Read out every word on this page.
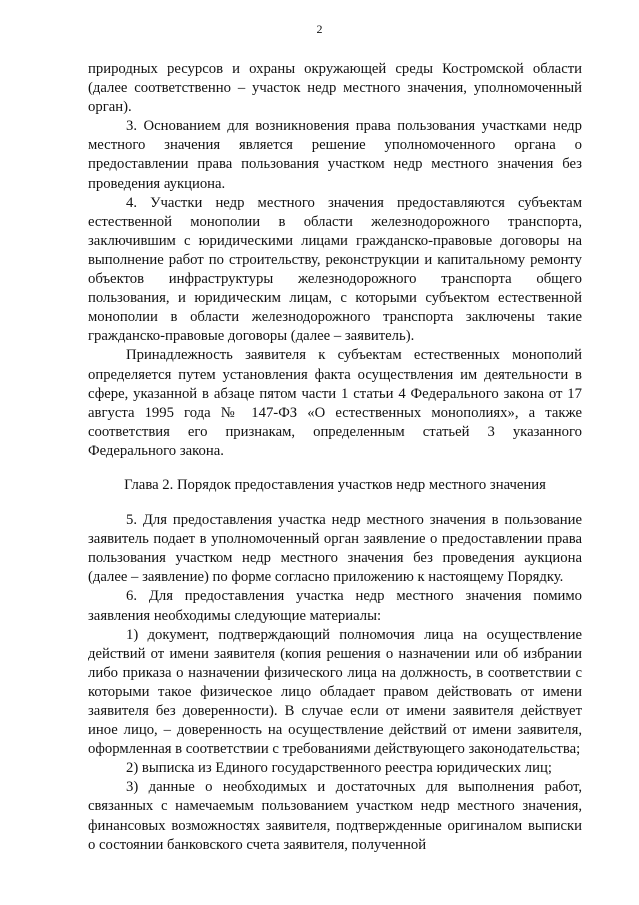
2

природных ресурсов и охраны окружающей среды Костромской области (далее соответственно – участок недр местного значения, уполномоченный орган).

3. Основанием для возникновения права пользования участками недр местного значения является решение уполномоченного органа о предоставлении права пользования участком недр местного значения без проведения аукциона.

4. Участки недр местного значения предоставляются субъектам естественной монополии в области железнодорожного транспорта, заключившим с юридическими лицами гражданско-правовые договоры на выполнение работ по строительству, реконструкции и капитальному ремонту объектов инфраструктуры железнодорожного транспорта общего пользования, и юридическим лицам, с которыми субъектом естественной монополии в области железнодорожного транспорта заключены такие гражданско-правовые договоры (далее – заявитель).

Принадлежность заявителя к субъектам естественных монополий определяется путем установления факта осуществления им деятельности в сфере, указанной в абзаце пятом части 1 статьи 4 Федерального закона от 17 августа 1995 года № 147-ФЗ «О естественных монополиях», а также соответствия его признакам, определенным статьей 3 указанного Федерального закона.

Глава 2. Порядок предоставления участков недр местного значения

5. Для предоставления участка недр местного значения в пользование заявитель подает в уполномоченный орган заявление о предоставлении права пользования участком недр местного значения без проведения аукциона (далее – заявление) по форме согласно приложению к настоящему Порядку.

6. Для предоставления участка недр местного значения помимо заявления необходимы следующие материалы:

1) документ, подтверждающий полномочия лица на осуществление действий от имени заявителя (копия решения о назначении или об избрании либо приказа о назначении физического лица на должность, в соответствии с которыми такое физическое лицо обладает правом действовать от имени заявителя без доверенности). В случае если от имени заявителя действует иное лицо, – доверенность на осуществление действий от имени заявителя, оформленная в соответствии с требованиями действующего законодательства;

2) выписка из Единого государственного реестра юридических лиц;

3) данные о необходимых и достаточных для выполнения работ, связанных с намечаемым пользованием участком недр местного значения, финансовых возможностях заявителя, подтвержденные оригиналом выписки о состоянии банковского счета заявителя, полученной
